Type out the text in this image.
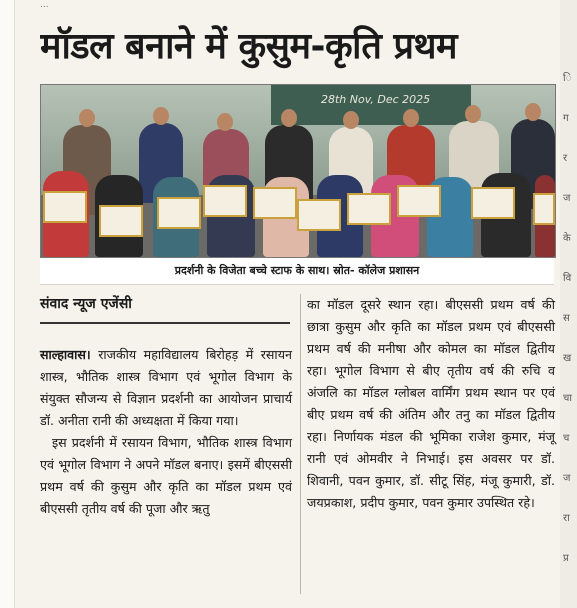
...
मॉडल बनाने में कुसुम-कृति प्रथम
28th Nov, Dec 2025
प्रदर्शनी के विजेता बच्चे स्टाफ के साथ। स्रोत- कॉलेज प्रशासन
संवाद न्यूज एजेंसी

साल्हावास। राजकीय महाविद्यालय बिरोहड़ में रसायन शास्त्र, भौतिक शास्त्र विभाग एवं भूगोल विभाग के संयुक्त सौजन्य से विज्ञान प्रदर्शनी का आयोजन प्राचार्य डॉ. अनीता रानी की अध्यक्षता में किया गया।

इस प्रदर्शनी में रसायन विभाग, भौतिक शास्त्र विभाग एवं भूगोल विभाग ने अपने मॉडल बनाए। इसमें बीएससी प्रथम वर्ष की कुसुम और कृति का मॉडल प्रथम एवं बीएससी तृतीय वर्ष की पूजा और ऋतु

का मॉडल दूसरे स्थान रहा। बीएससी प्रथम वर्ष की छात्रा कुसुम और कृति का मॉडल प्रथम एवं बीएससी प्रथम वर्ष की मनीषा और कोमल का मॉडल द्वितीय रहा। भूगोल विभाग से बीए तृतीय वर्ष की रुचि व अंजलि का मॉडल ग्लोबल वार्मिंग प्रथम स्थान पर एवं बीए प्रथम वर्ष की अंतिम और तनु का मॉडल द्वितीय रहा। निर्णायक मंडल की भूमिका राजेश कुमार, मंजू रानी एवं ओमवीर ने निभाई। इस अवसर पर डॉ. शिवानी, पवन कुमार, डॉ. सीटू सिंह, मंजू कुमारी, डॉ. जयप्रकाश, प्रदीप कुमार, पवन कुमार उपस्थित रहे।

ि
ग
र
ज
के
वि
स
ख
चा
च
ज
रा
प्र
